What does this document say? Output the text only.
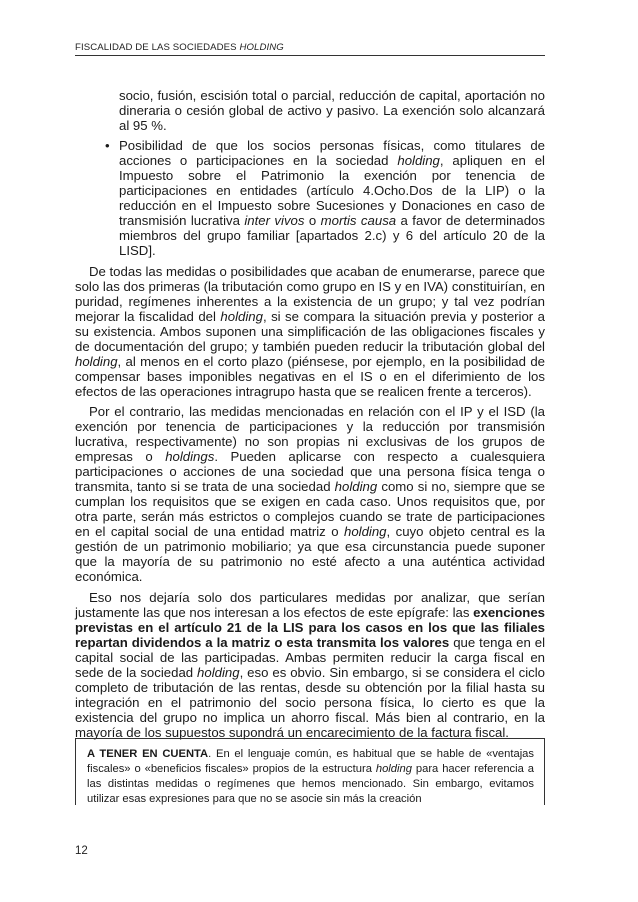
FISCALIDAD DE LAS SOCIEDADES HOLDING

socio, fusión, escisión total o parcial, reducción de capital, aportación no dineraria o cesión global de activo y pasivo. La exención solo alcanzará al 95 %.

• Posibilidad de que los socios personas físicas, como titulares de acciones o participaciones en la sociedad holding, apliquen en el Impuesto sobre el Patrimonio la exención por tenencia de participaciones en entidades (artículo 4.Ocho.Dos de la LIP) o la reducción en el Impuesto sobre Sucesiones y Donaciones en caso de transmisión lucrativa inter vivos o mortis causa a favor de determinados miembros del grupo familiar [apartados 2.c) y 6 del artículo 20 de la LISD].

De todas las medidas o posibilidades que acaban de enumerarse, parece que solo las dos primeras (la tributación como grupo en IS y en IVA) constituirían, en puridad, regímenes inherentes a la existencia de un grupo; y tal vez podrían mejorar la fiscalidad del holding, si se compara la situación previa y posterior a su existencia. Ambos suponen una simplificación de las obligaciones fiscales y de documentación del grupo; y también pueden reducir la tributación global del holding, al menos en el corto plazo (piénsese, por ejemplo, en la posibilidad de compensar bases imponibles negativas en el IS o en el diferimiento de los efectos de las operaciones intragrupo hasta que se realicen frente a terceros).

Por el contrario, las medidas mencionadas en relación con el IP y el ISD (la exención por tenencia de participaciones y la reducción por transmisión lucrativa, respectivamente) no son propias ni exclusivas de los grupos de empresas o holdings. Pueden aplicarse con respecto a cualesquiera participaciones o acciones de una sociedad que una persona física tenga o transmita, tanto si se trata de una sociedad holding como si no, siempre que se cumplan los requisitos que se exigen en cada caso. Unos requisitos que, por otra parte, serán más estrictos o complejos cuando se trate de participaciones en el capital social de una entidad matriz o holding, cuyo objeto central es la gestión de un patrimonio mobiliario; ya que esa circunstancia puede suponer que la mayoría de su patrimonio no esté afecto a una auténtica actividad económica.

Eso nos dejaría solo dos particulares medidas por analizar, que serían justamente las que nos interesan a los efectos de este epígrafe: las exenciones previstas en el artículo 21 de la LIS para los casos en los que las filiales repartan dividendos a la matriz o esta transmita los valores que tenga en el capital social de las participadas. Ambas permiten reducir la carga fiscal en sede de la sociedad holding, eso es obvio. Sin embargo, si se considera el ciclo completo de tributación de las rentas, desde su obtención por la filial hasta su integración en el patrimonio del socio persona física, lo cierto es que la existencia del grupo no implica un ahorro fiscal. Más bien al contrario, en la mayoría de los supuestos supondrá un encarecimiento de la factura fiscal.

A TENER EN CUENTA. En el lenguaje común, es habitual que se hable de «ventajas fiscales» o «beneficios fiscales» propios de la estructura holding para hacer referencia a las distintas medidas o regímenes que hemos mencionado. Sin embargo, evitamos utilizar esas expresiones para que no se asocie sin más la creación
12
